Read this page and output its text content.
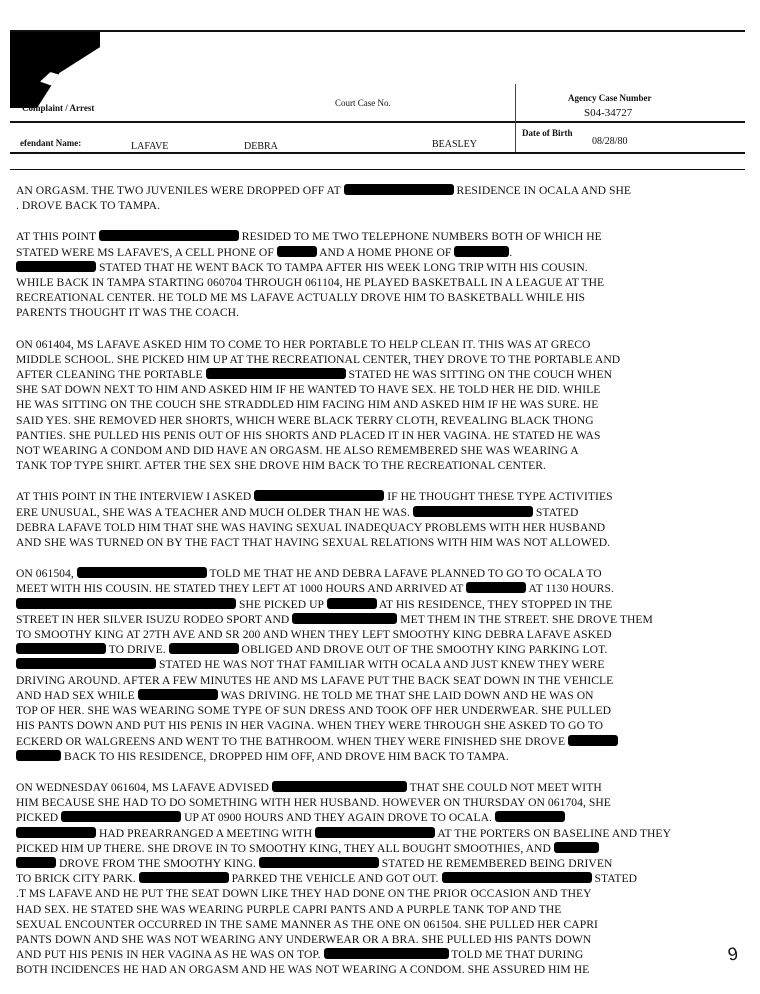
Complaint / Arrest	Court Case No.	Agency Case Number
S04-34727
efendant Name:	LAFAVE	DEBRA	BEASLEY
Date of Birth
08/28/80
AN ORGASM. THE TWO JUVENILES WERE DROPPED OFF AT	RESIDENCE IN OCALA AND SHE
. DROVE BACK TO TAMPA.
AT THIS POINT	RESIDED TO ME TWO TELEPHONE NUMBERS BOTH OF WHICH HE
STATED WERE MS LAFAVE'S, A CELL PHONE OF	AND A HOME PHONE OF	.
STATED THAT HE WENT BACK TO TAMPA AFTER HIS WEEK LONG TRIP WITH HIS COUSIN.
WHILE BACK IN TAMPA STARTING 060704 THROUGH 061104, HE PLAYED BASKETBALL IN A LEAGUE AT THE
RECREATIONAL CENTER. HE TOLD ME MS LAFAVE ACTUALLY DROVE HIM TO BASKETBALL WHILE HIS
PARENTS THOUGHT IT WAS THE COACH.
ON 061404, MS LAFAVE ASKED HIM TO COME TO HER PORTABLE TO HELP CLEAN IT. THIS WAS AT GRECO
MIDDLE SCHOOL. SHE PICKED HIM UP AT THE RECREATIONAL CENTER, THEY DROVE TO THE PORTABLE AND
AFTER CLEANING THE PORTABLE	STATED HE WAS SITTING ON THE COUCH WHEN
SHE SAT DOWN NEXT TO HIM AND ASKED HIM IF HE WANTED TO HAVE SEX. HE TOLD HER HE DID. WHILE
HE WAS SITTING ON THE COUCH SHE STRADDLED HIM FACING HIM AND ASKED HIM IF HE WAS SURE. HE
SAID YES. SHE REMOVED HER SHORTS, WHICH WERE BLACK TERRY CLOTH, REVEALING BLACK THONG
PANTIES. SHE PULLED HIS PENIS OUT OF HIS SHORTS AND PLACED IT IN HER VAGINA. HE STATED HE WAS
NOT WEARING A CONDOM AND DID HAVE AN ORGASM. HE ALSO REMEMBERED SHE WAS WEARING A
TANK TOP TYPE SHIRT. AFTER THE SEX SHE DROVE HIM BACK TO THE RECREATIONAL CENTER.
AT THIS POINT IN THE INTERVIEW I ASKED	IF HE THOUGHT THESE TYPE ACTIVITIES
ERE UNUSUAL, SHE WAS A TEACHER AND MUCH OLDER THAN HE WAS.	STATED
DEBRA LAFAVE TOLD HIM THAT SHE WAS HAVING SEXUAL INADEQUACY PROBLEMS WITH HER HUSBAND
AND SHE WAS TURNED ON BY THE FACT THAT HAVING SEXUAL RELATIONS WITH HIM WAS NOT ALLOWED.
ON 061504,	TOLD ME THAT HE AND DEBRA LAFAVE PLANNED TO GO TO OCALA TO
MEET WITH HIS COUSIN. HE STATED THEY LEFT AT 1000 HOURS AND ARRIVED AT	AT 1130 HOURS.
SHE PICKED UP	AT HIS RESIDENCE, THEY STOPPED IN THE
STREET IN HER SILVER ISUZU RODEO SPORT AND	MET THEM IN THE STREET. SHE DROVE THEM
TO SMOOTHY KING AT 27TH AVE AND SR 200 AND WHEN THEY LEFT SMOOTHY KING DEBRA LAFAVE ASKED
TO DRIVE.	OBLIGED AND DROVE OUT OF THE SMOOTHY KING PARKING LOT.
STATED HE WAS NOT THAT FAMILIAR WITH OCALA AND JUST KNEW THEY WERE
DRIVING AROUND. AFTER A FEW MINUTES HE AND MS LAFAVE PUT THE BACK SEAT DOWN IN THE VEHICLE
AND HAD SEX WHILE	WAS DRIVING. HE TOLD ME THAT SHE LAID DOWN AND HE WAS ON
TOP OF HER. SHE WAS WEARING SOME TYPE OF SUN DRESS AND TOOK OFF HER UNDERWEAR. SHE PULLED
HIS PANTS DOWN AND PUT HIS PENIS IN HER VAGINA. WHEN THEY WERE THROUGH SHE ASKED TO GO TO
ECKERD OR WALGREENS AND WENT TO THE BATHROOM. WHEN THEY WERE FINISHED SHE DROVE
BACK TO HIS RESIDENCE, DROPPED HIM OFF, AND DROVE HIM BACK TO TAMPA.
ON WEDNESDAY 061604, MS LAFAVE ADVISED	THAT SHE COULD NOT MEET WITH
HIM BECAUSE SHE HAD TO DO SOMETHING WITH HER HUSBAND. HOWEVER ON THURSDAY ON 061704, SHE
PICKED	UP AT 0900 HOURS AND THEY AGAIN DROVE TO OCALA.
HAD PREARRANGED A MEETING WITH	AT THE PORTERS ON BASELINE AND THEY
PICKED HIM UP THERE. SHE DROVE IN TO SMOOTHY KING, THEY ALL BOUGHT SMOOTHIES, AND
DROVE FROM THE SMOOTHY KING.	STATED HE REMEMBERED BEING DRIVEN
TO BRICK CITY PARK.	PARKED THE VEHICLE AND GOT OUT.	STATED
.T MS LAFAVE AND HE PUT THE SEAT DOWN LIKE THEY HAD DONE ON THE PRIOR OCCASION AND THEY
HAD SEX. HE STATED SHE WAS WEARING PURPLE CAPRI PANTS AND A PURPLE TANK TOP AND THE
SEXUAL ENCOUNTER OCCURRED IN THE SAME MANNER AS THE ONE ON 061504. SHE PULLED HER CAPRI
PANTS DOWN AND SHE WAS NOT WEARING ANY UNDERWEAR OR A BRA. SHE PULLED HIS PANTS DOWN
AND PUT HIS PENIS IN HER VAGINA AS HE WAS ON TOP.	TOLD ME THAT DURING
BOTH INCIDENCES HE HAD AN ORGASM AND HE WAS NOT WEARING A CONDOM. SHE ASSURED HIM HE
9
